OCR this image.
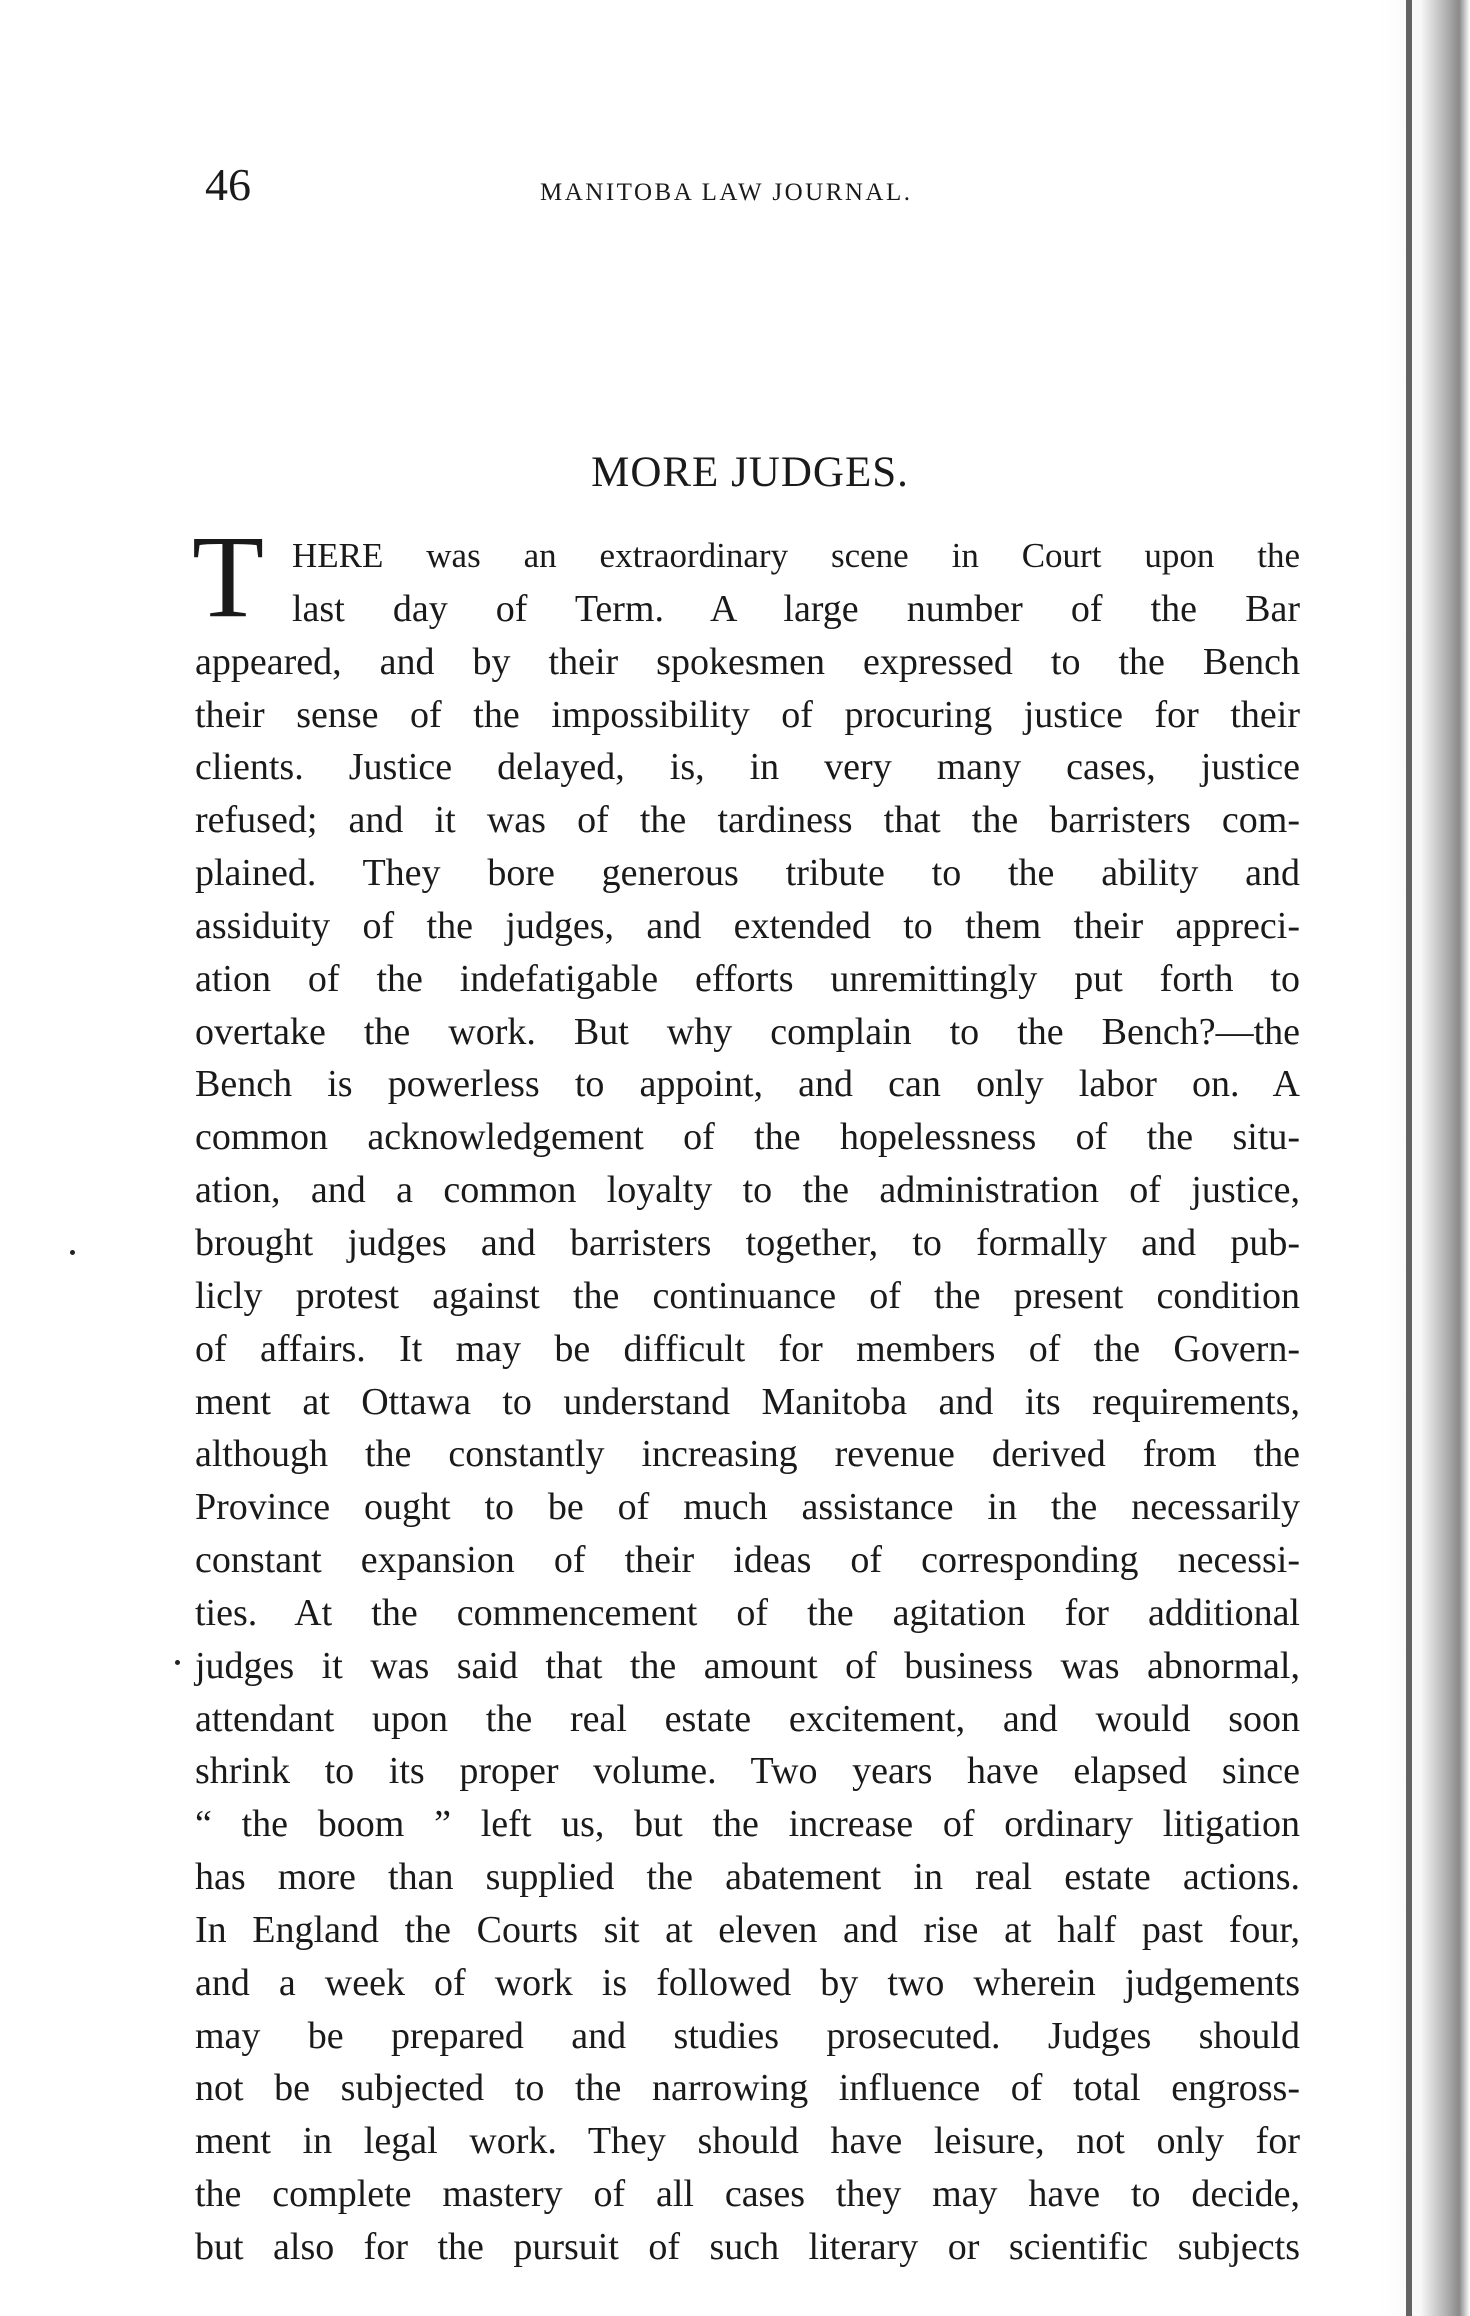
46	MANITOBA LAW JOURNAL.
MORE JUDGES.
T HERE was an extraordinary scene in Court upon the
last day of Term. A large number of the Bar
appeared, and by their spokesmen expressed to the Bench
their sense of the impossibility of procuring justice for their
clients. Justice delayed, is, in very many cases, justice
refused; and it was of the tardiness that the barristers com-
plained. They bore generous tribute to the ability and
assiduity of the judges, and extended to them their appreci-
ation of the indefatigable efforts unremittingly put forth to
overtake the work. But why complain to the Bench?—the
Bench is powerless to appoint, and can only labor on. A
common acknowledgement of the hopelessness of the situ-
ation, and a common loyalty to the administration of justice,
brought judges and barristers together, to formally and pub-
licly protest against the continuance of the present condition
of affairs. It may be difficult for members of the Govern-
ment at Ottawa to understand Manitoba and its requirements,
although the constantly increasing revenue derived from the
Province ought to be of much assistance in the necessarily
constant expansion of their ideas of corresponding necessi-
ties. At the commencement of the agitation for additional
judges it was said that the amount of business was abnormal,
attendant upon the real estate excitement, and would soon
shrink to its proper volume. Two years have elapsed since
“ the boom ” left us, but the increase of ordinary litigation
has more than supplied the abatement in real estate actions.
In England the Courts sit at eleven and rise at half past four,
and a week of work is followed by two wherein judgements
may be prepared and studies prosecuted. Judges should
not be subjected to the narrowing influence of total engross-
ment in legal work. They should have leisure, not only for
the complete mastery of all cases they may have to decide,
but also for the pursuit of such literary or scientific subjects
